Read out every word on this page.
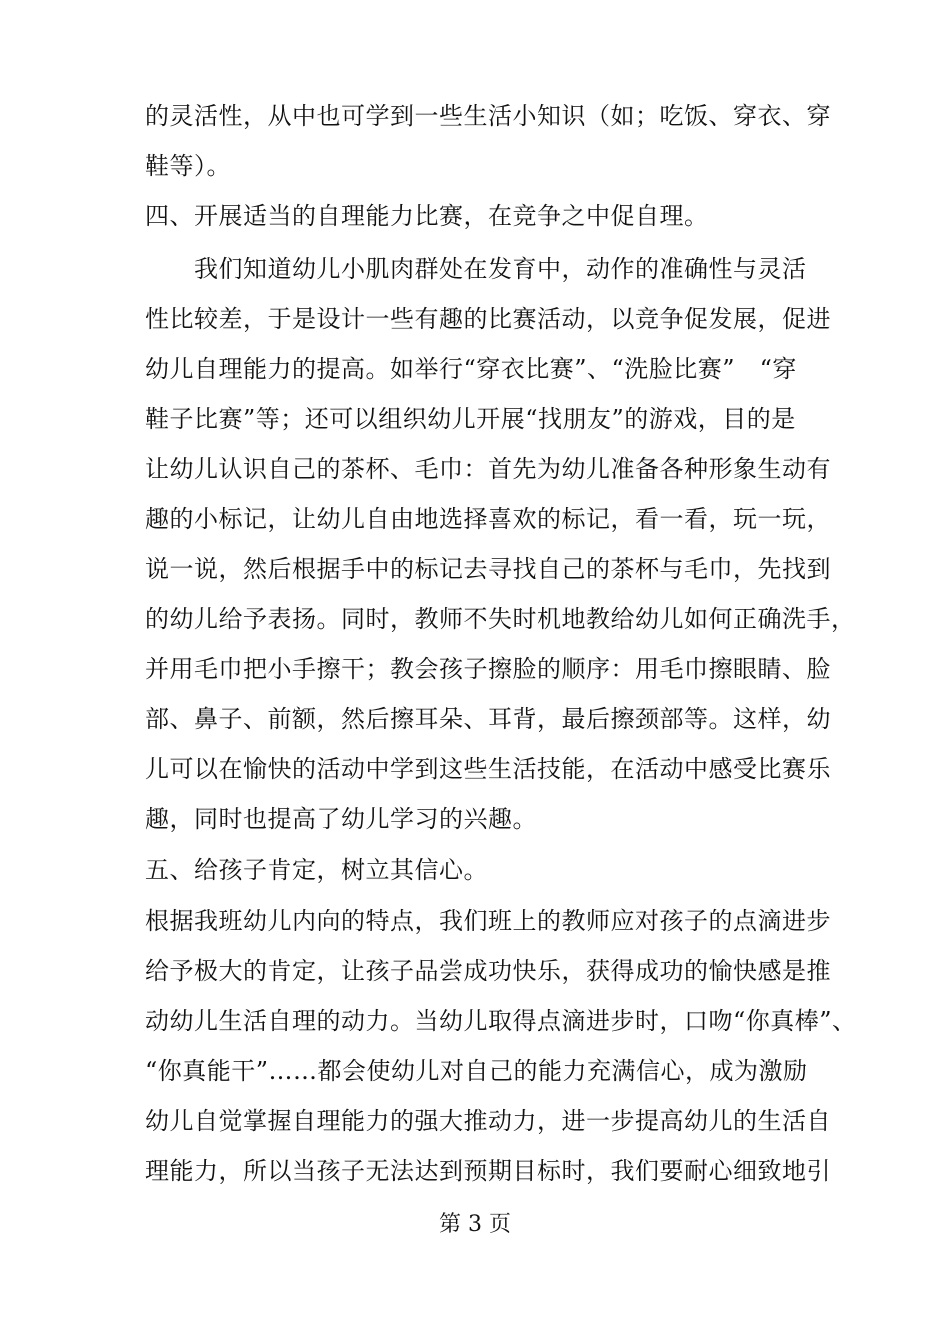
的灵活性，从中也可学到一些生活小知识（如；吃饭、穿衣、穿
鞋等）。
四、开展适当的自理能力比赛，在竞争之中促自理。
　　我们知道幼儿小肌肉群处在发育中，动作的准确性与灵活
性比较差，于是设计一些有趣的比赛活动，以竞争促发展，促进
幼儿自理能力的提高。如举行“穿衣比赛”、“洗脸比赛”　“穿
鞋子比赛”等；还可以组织幼儿开展“找朋友”的游戏，目的是
让幼儿认识自己的茶杯、毛巾：首先为幼儿准备各种形象生动有
趣的小标记，让幼儿自由地选择喜欢的标记，看一看，玩一玩，
说一说，然后根据手中的标记去寻找自己的茶杯与毛巾，先找到
的幼儿给予表扬。同时，教师不失时机地教给幼儿如何正确洗手，
并用毛巾把小手擦干；教会孩子擦脸的顺序：用毛巾擦眼睛、脸
部、鼻子、前额，然后擦耳朵、耳背，最后擦颈部等。这样，幼
儿可以在愉快的活动中学到这些生活技能，在活动中感受比赛乐
趣，同时也提高了幼儿学习的兴趣。
五、给孩子肯定，树立其信心。
根据我班幼儿内向的特点，我们班上的教师应对孩子的点滴进步
给予极大的肯定，让孩子品尝成功快乐，获得成功的愉快感是推
动幼儿生活自理的动力。当幼儿取得点滴进步时，口吻“你真棒”、
“你真能干”……都会使幼儿对自己的能力充满信心，成为激励
幼儿自觉掌握自理能力的强大推动力，进一步提高幼儿的生活自
理能力，所以当孩子无法达到预期目标时，我们要耐心细致地引
第 3 页
